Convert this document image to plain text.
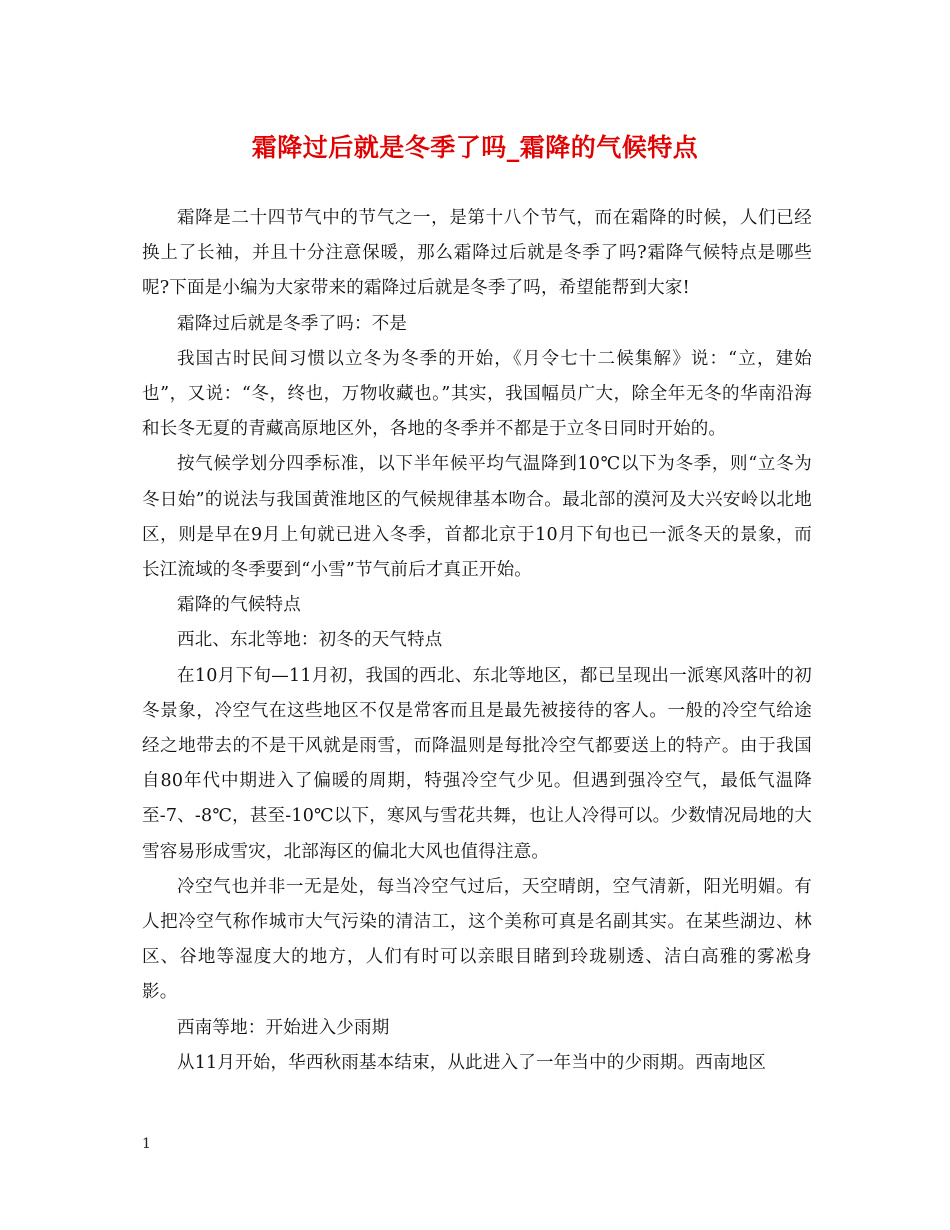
霜降过后就是冬季了吗_霜降的气候特点

霜降是二十四节气中的节气之一，是第十八个节气，而在霜降的时候，人们已经换上了长袖，并且十分注意保暖，那么霜降过后就是冬季了吗?霜降气候特点是哪些呢?下面是小编为大家带来的霜降过后就是冬季了吗，希望能帮到大家!

霜降过后就是冬季了吗：不是

我国古时民间习惯以立冬为冬季的开始，《月令七十二候集解》说：“立，建始也”，又说：“冬，终也，万物收藏也。”其实，我国幅员广大，除全年无冬的华南沿海和长冬无夏的青藏高原地区外，各地的冬季并不都是于立冬日同时开始的。

按气候学划分四季标准，以下半年候平均气温降到10℃以下为冬季，则“立冬为冬日始”的说法与我国黄淮地区的气候规律基本吻合。最北部的漠河及大兴安岭以北地区，则是早在9月上旬就已进入冬季，首都北京于10月下旬也已一派冬天的景象，而长江流域的冬季要到“小雪”节气前后才真正开始。

霜降的气候特点

西北、东北等地：初冬的天气特点

在10月下旬—11月初，我国的西北、东北等地区，都已呈现出一派寒风落叶的初冬景象，冷空气在这些地区不仅是常客而且是最先被接待的客人。一般的冷空气给途经之地带去的不是干风就是雨雪，而降温则是每批冷空气都要送上的特产。由于我国自80年代中期进入了偏暖的周期，特强冷空气少见。但遇到强冷空气，最低气温降至-7、-8℃，甚至-10℃以下，寒风与雪花共舞，也让人冷得可以。少数情况局地的大雪容易形成雪灾，北部海区的偏北大风也值得注意。

冷空气也并非一无是处，每当冷空气过后，天空晴朗，空气清新，阳光明媚。有人把冷空气称作城市大气污染的清洁工，这个美称可真是名副其实。在某些湖边、林区、谷地等湿度大的地方，人们有时可以亲眼目睹到玲珑剔透、洁白高雅的雾凇身影。

西南等地：开始进入少雨期

从11月开始，华西秋雨基本结束，从此进入了一年当中的少雨期。西南地区

1
